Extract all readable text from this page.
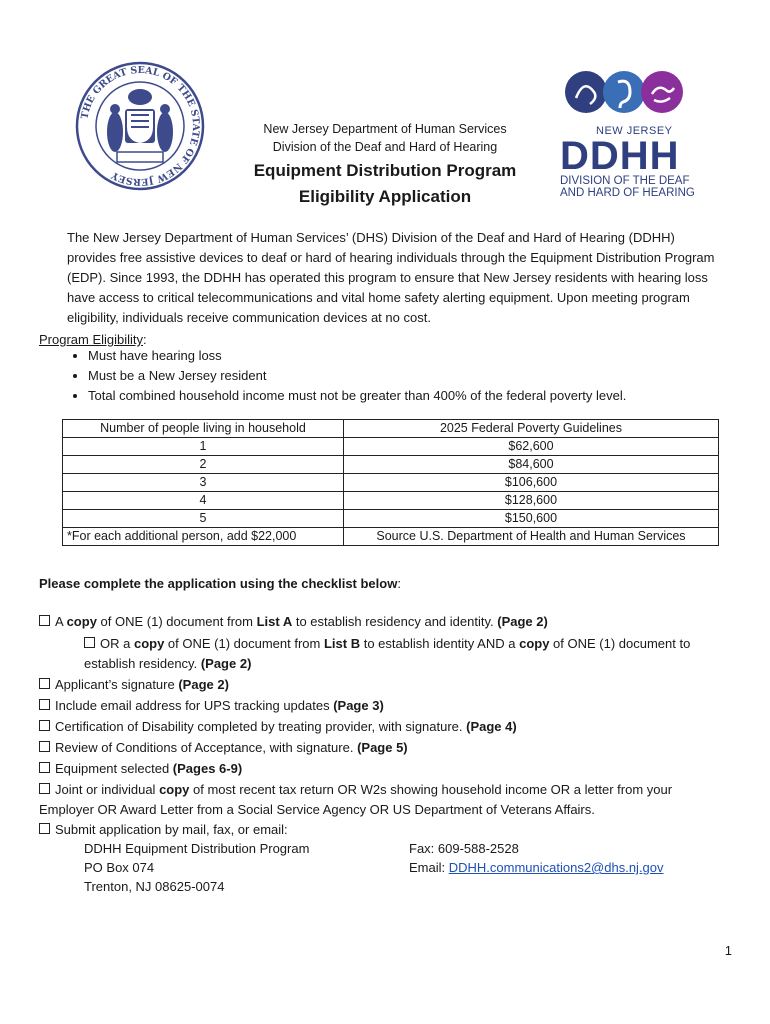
THE GREAT SEAL OF THE STATE OF NEW JERSEY
New Jersey Department of Human Services
Division of the Deaf and Hard of Hearing
Equipment Distribution Program
Eligibility Application
NEW JERSEY
DDHH
DIVISION OF THE DEAF
AND HARD OF HEARING
The New Jersey Department of Human Services’ (DHS) Division of the Deaf and Hard of Hearing (DDHH) provides free assistive devices to deaf or hard of hearing individuals through the Equipment Distribution Program (EDP). Since 1993, the DDHH has operated this program to ensure that New Jersey residents with hearing loss have access to critical telecommunications and vital home safety alerting equipment. Upon meeting program eligibility, individuals receive communication devices at no cost.
Program Eligibility:
• Must have hearing loss
• Must be a New Jersey resident
• Total combined household income must not be greater than 400% of the federal poverty level.
Number of people living in household	2025 Federal Poverty Guidelines
1	$62,600
2	$84,600
3	$106,600
4	$128,600
5	$150,600
*For each additional person, add $22,000	Source U.S. Department of Health and Human Services
Please complete the application using the checklist below:
A copy of ONE (1) document from List A to establish residency and identity. (Page 2)
OR a copy of ONE (1) document from List B to establish identity AND a copy of ONE (1) document to establish residency. (Page 2)
Applicant’s signature (Page 2)
Include email address for UPS tracking updates (Page 3)
Certification of Disability completed by treating provider, with signature. (Page 4)
Review of Conditions of Acceptance, with signature. (Page 5)
Equipment selected (Pages 6-9)
Joint or individual copy of most recent tax return OR W2s showing household income OR a letter from your Employer OR Award Letter from a Social Service Agency OR US Department of Veterans Affairs.
Submit application by mail, fax, or email:
DDHH Equipment Distribution Program
PO Box 074
Trenton, NJ 08625-0074
Fax: 609-588-2528
Email: DDHH.communications2@dhs.nj.gov
1
